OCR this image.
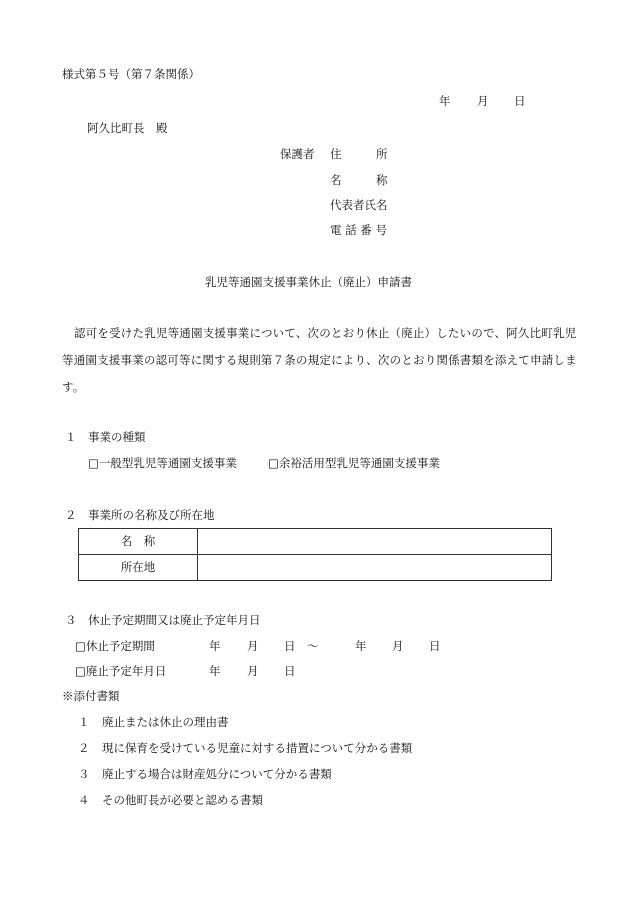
様式第５号（第７条関係）
年 月 日
阿久比町長　殿
保護者 住　　　所
名　　　称
代表者氏名
電 話 番 号
乳児等通園支援事業休止（廃止）申請書
認可を受けた乳児等通園支援事業について、次のとおり休止（廃止）したいので、阿久比町乳児等通園支援事業の認可等に関する規則第７条の規定により、次のとおり関係書類を添えて申請します。
１　事業の種類
□一般型乳児等通園支援事業	□余裕活用型乳児等通園支援事業
２　事業所の名称及び所在地
名　称	
所在地	
３　休止予定期間又は廃止予定年月日
□休止予定期間	年 月 日 ～	年 月 日
□廃止予定年月日	年 月 日
※添付書類
１ 廃止または休止の理由書
２ 現に保育を受けている児童に対する措置について分かる書類
３ 廃止する場合は財産処分について分かる書類
４ その他町長が必要と認める書類
